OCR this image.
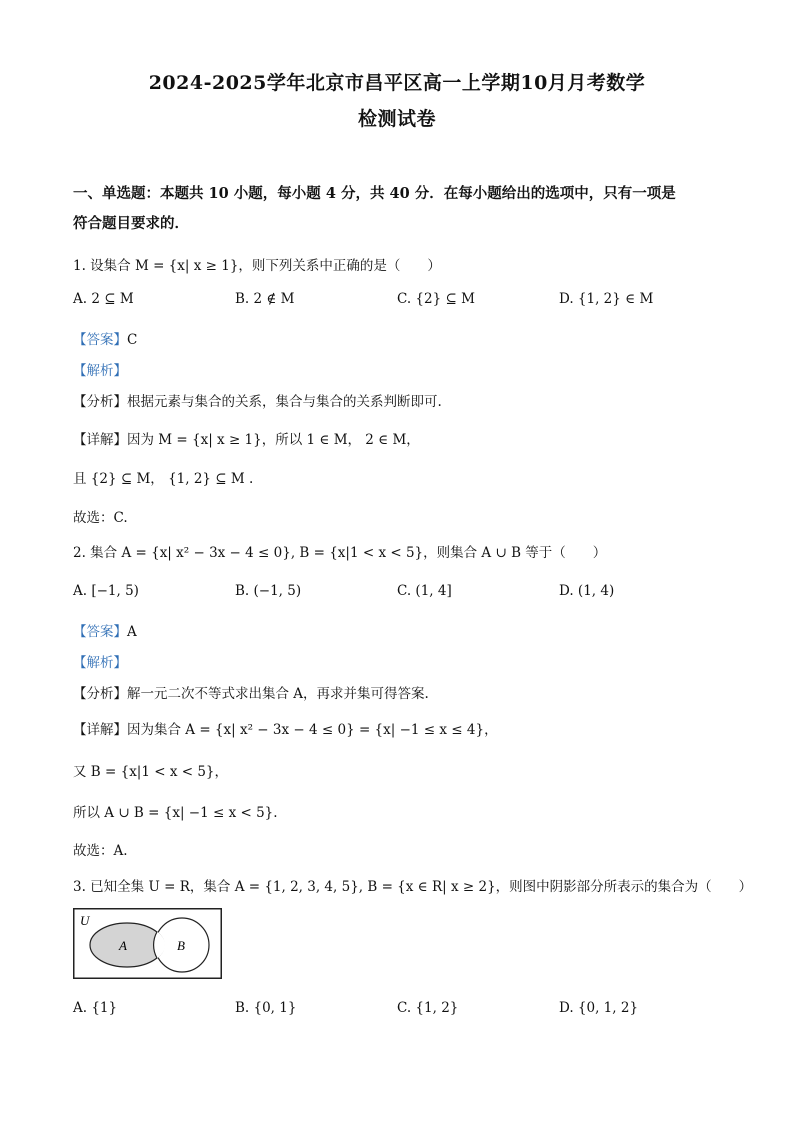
2024-2025学年北京市昌平区高一上学期10月月考数学
检测试卷
一、单选题：本题共 10 小题，每小题 4 分，共 40 分．在每小题给出的选项中，只有一项是
符合题目要求的．
1. 设集合 M = {x| x ≥ 1}，则下列关系中正确的是（　　）
A. 2 ⊆ M	B. 2 ∉ M	C. {2} ⊆ M	D. {1, 2} ∈ M
【答案】C
【解析】
【分析】根据元素与集合的关系，集合与集合的关系判断即可.
【详解】因为 M = {x| x ≥ 1}，所以 1 ∈ M， 2 ∈ M，
且 {2} ⊆ M， {1, 2} ⊆ M .
故选：C.
2. 集合 A = {x| x² − 3x − 4 ≤ 0}, B = {x|1 < x < 5}，则集合 A ∪ B 等于（　　）
A. [−1, 5)	B. (−1, 5)	C. (1, 4]	D. (1, 4)
【答案】A
【解析】
【分析】解一元二次不等式求出集合 A，再求并集可得答案.
【详解】因为集合 A = {x| x² − 3x − 4 ≤ 0} = {x| −1 ≤ x ≤ 4}，
又 B = {x|1 < x < 5}，
所以 A ∪ B = {x| −1 ≤ x < 5}.
故选：A.
3. 已知全集 U = R，集合 A = {1, 2, 3, 4, 5}, B = {x ∈ R| x ≥ 2}，则图中阴影部分所表示的集合为（　　）
U
A	B
A. {1}	B. {0, 1}	C. {1, 2}	D. {0, 1, 2}
